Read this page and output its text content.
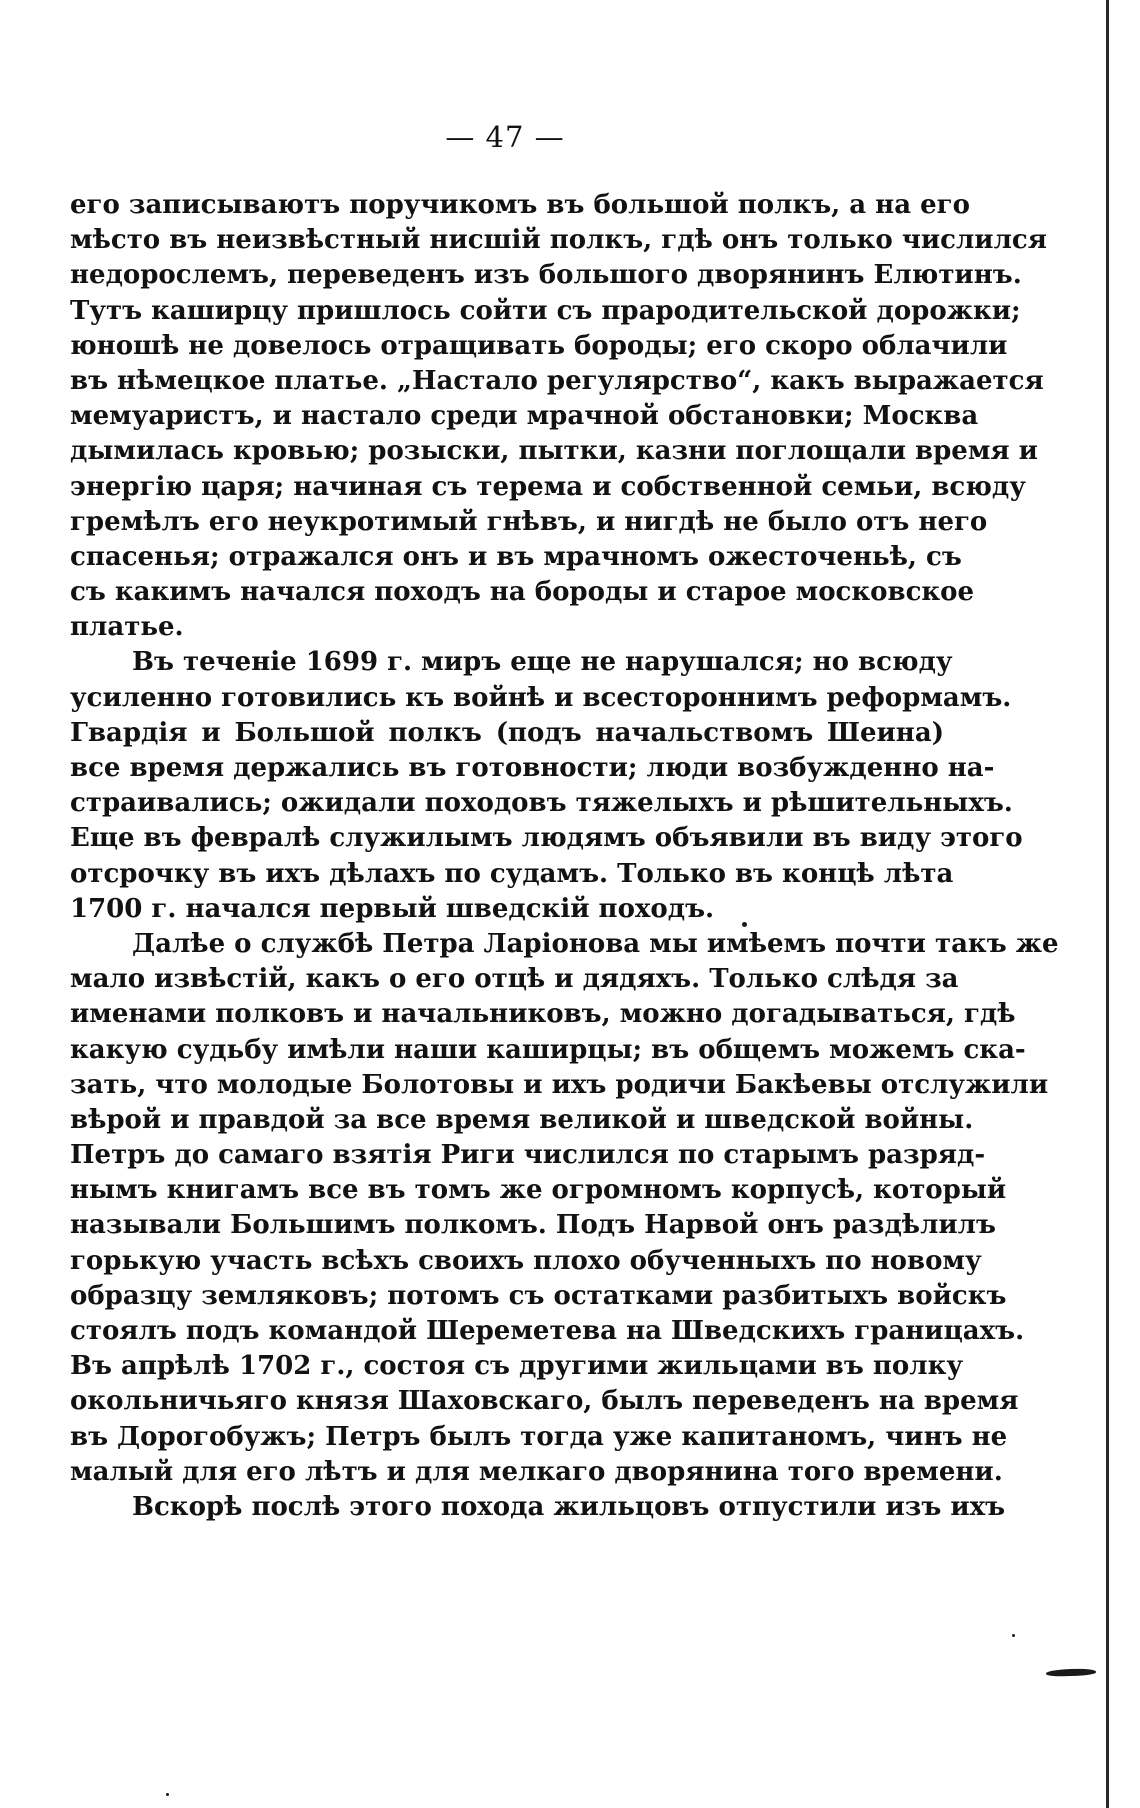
— 47 —
его записываютъ поручикомъ въ большой полкъ, а на его
мѣсто въ неизвѣстный нисшій полкъ, гдѣ онъ только числился
недорослемъ, переведенъ изъ большого дворянинъ Елютинъ.
Тутъ каширцу пришлось сойти съ прародительской дорожки;
юношѣ не довелось отращивать бороды; его скоро облачили
въ нѣмецкое платье. „Настало регулярство“, какъ выражается
мемуаристъ, и настало среди мрачной обстановки; Москва
дымилась кровью; розыски, пытки, казни поглощали время и
энергію царя; начиная съ терема и собственной семьи, всюду
гремѣлъ его неукротимый гнѣвъ, и нигдѣ не было отъ него
спасенья; отражался онъ и въ мрачномъ ожесточеньѣ, съ
съ какимъ начался походъ на бороды и старое московское
платье.
Въ теченіе 1699 г. миръ еще не нарушался; но всюду
усиленно готовились къ войнѣ и всестороннимъ реформамъ.
Гвардія и Большой полкъ (подъ начальствомъ Шеина)
все время держались въ готовности; люди возбужденно на-
страивались; ожидали походовъ тяжелыхъ и рѣшительныхъ.
Еще въ февралѣ служилымъ людямъ объявили въ виду этого
отсрочку въ ихъ дѣлахъ по судамъ. Только въ концѣ лѣта
1700 г. начался первый шведскій походъ.
Далѣе о службѣ Петра Ларіонова мы имѣемъ почти такъ же
мало извѣстій, какъ о его отцѣ и дядяхъ. Только слѣдя за
именами полковъ и начальниковъ, можно догадываться, гдѣ
какую судьбу имѣли наши каширцы; въ общемъ можемъ ска-
зать, что молодые Болотовы и ихъ родичи Бакѣевы отслужили
вѣрой и правдой за все время великой и шведской войны.
Петръ до самаго взятія Риги числился по старымъ разряд-
нымъ книгамъ все въ томъ же огромномъ корпусѣ, который
называли Большимъ полкомъ. Подъ Нарвой онъ раздѣлилъ
горькую участь всѣхъ своихъ плохо обученныхъ по новому
образцу земляковъ; потомъ съ остатками разбитыхъ войскъ
стоялъ подъ командой Шереметева на Шведскихъ границахъ.
Въ апрѣлѣ 1702 г., состоя съ другими жильцами въ полку
окольничьяго князя Шаховскаго, былъ переведенъ на время
въ Дорогобужъ; Петръ былъ тогда уже капитаномъ, чинъ не
малый для его лѣтъ и для мелкаго дворянина того времени.
Вскорѣ послѣ этого похода жильцовъ отпустили изъ ихъ
